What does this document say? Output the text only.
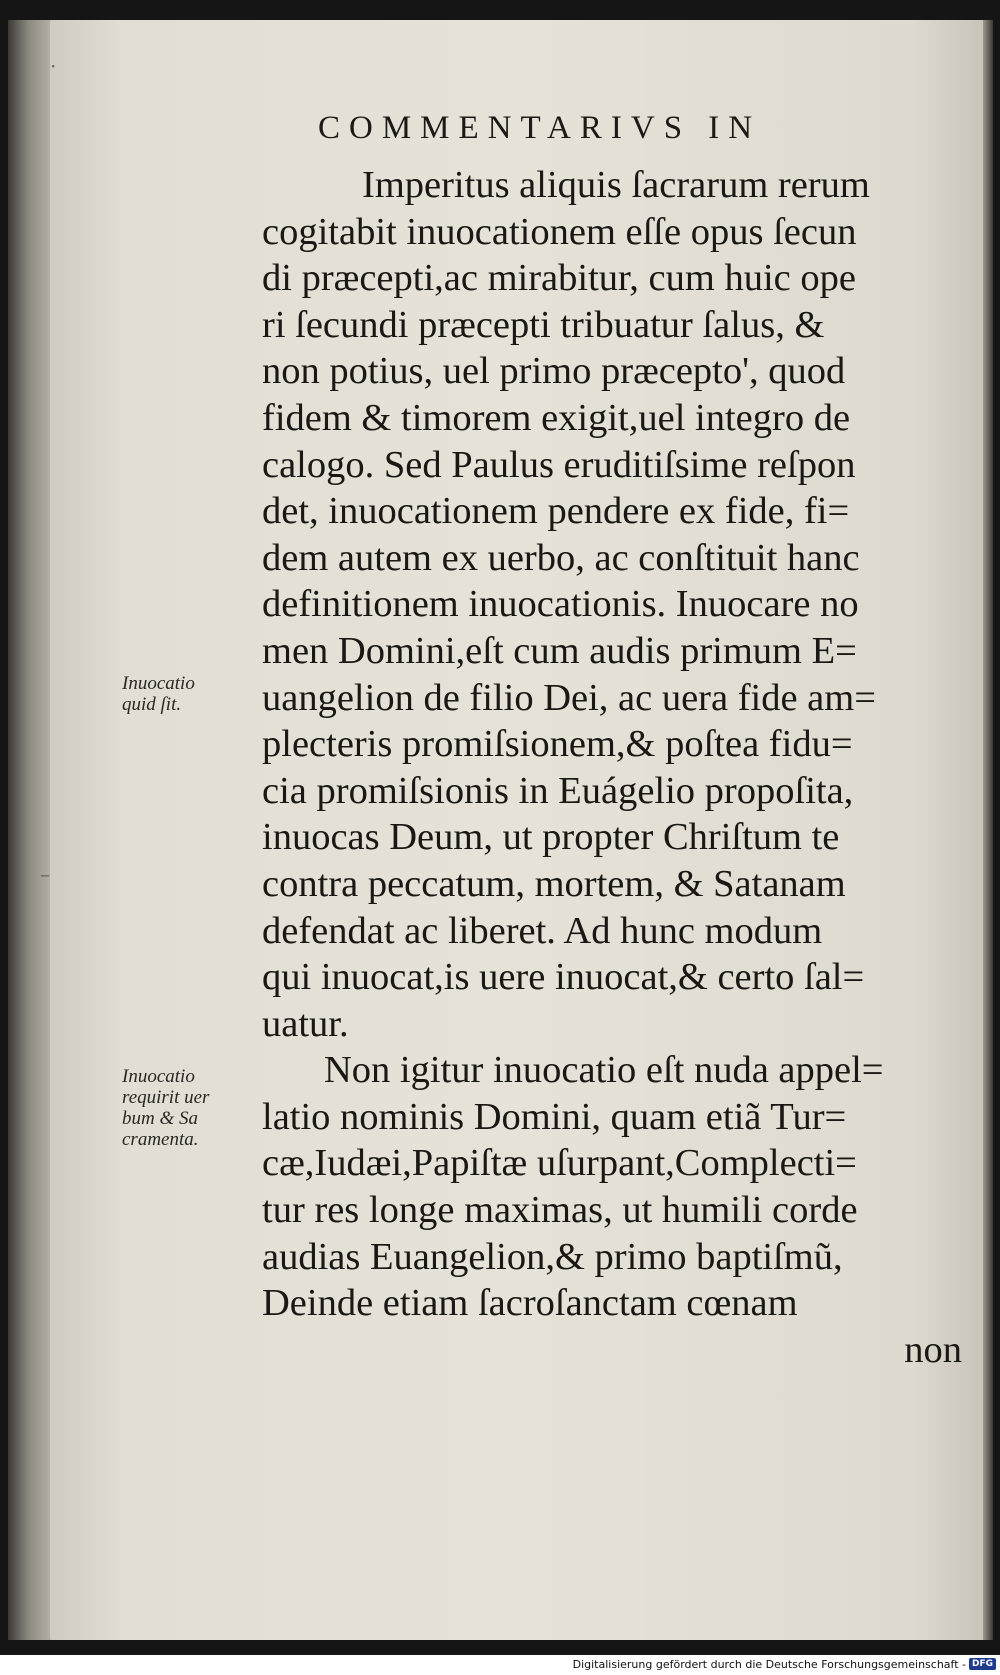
·
–
COMMENTARIVS IN
Imperitus aliquis ſacrarum rerum
cogitabit inuocationem eſſe opus ſecun
di præcepti,ac mirabitur, cum huic ope
ri ſecundi præcepti tribuatur ſalus, &
non potius, uel primo præcepto', quod
fidem & timorem exigit,uel integro de
calogo. Sed Paulus eruditiſsime reſpon
det, inuocationem pendere ex fide, fi=
dem autem ex uerbo, ac conſtituit hanc
definitionem inuocationis. Inuocare no
men Domini,eſt cum audis primum E=
uangelion de filio Dei, ac uera fide am=
plecteris promiſsionem,& poſtea fidu=
cia promiſsionis in Euágelio propoſita,
inuocas Deum, ut propter Chriſtum te
contra peccatum, mortem, & Satanam
defendat ac liberet. Ad hunc modum
qui inuocat,is uere inuocat,& certo ſal=
uatur.
Non igitur inuocatio eſt nuda appel=
latio nominis Domini, quam etiã Tur=
cæ,Iudæi,Papiſtæ uſurpant,Complecti=
tur res longe maximas, ut humili corde
audias Euangelion,& primo baptiſmũ,
Deinde etiam ſacroſanctam cœnam
non
Inuocatio
quid ſit.
Inuocatio
requirit uer
bum & Sa
cramenta.
Digitalisierung gefördert durch die Deutsche Forschungsgemeinschaft - DFG
